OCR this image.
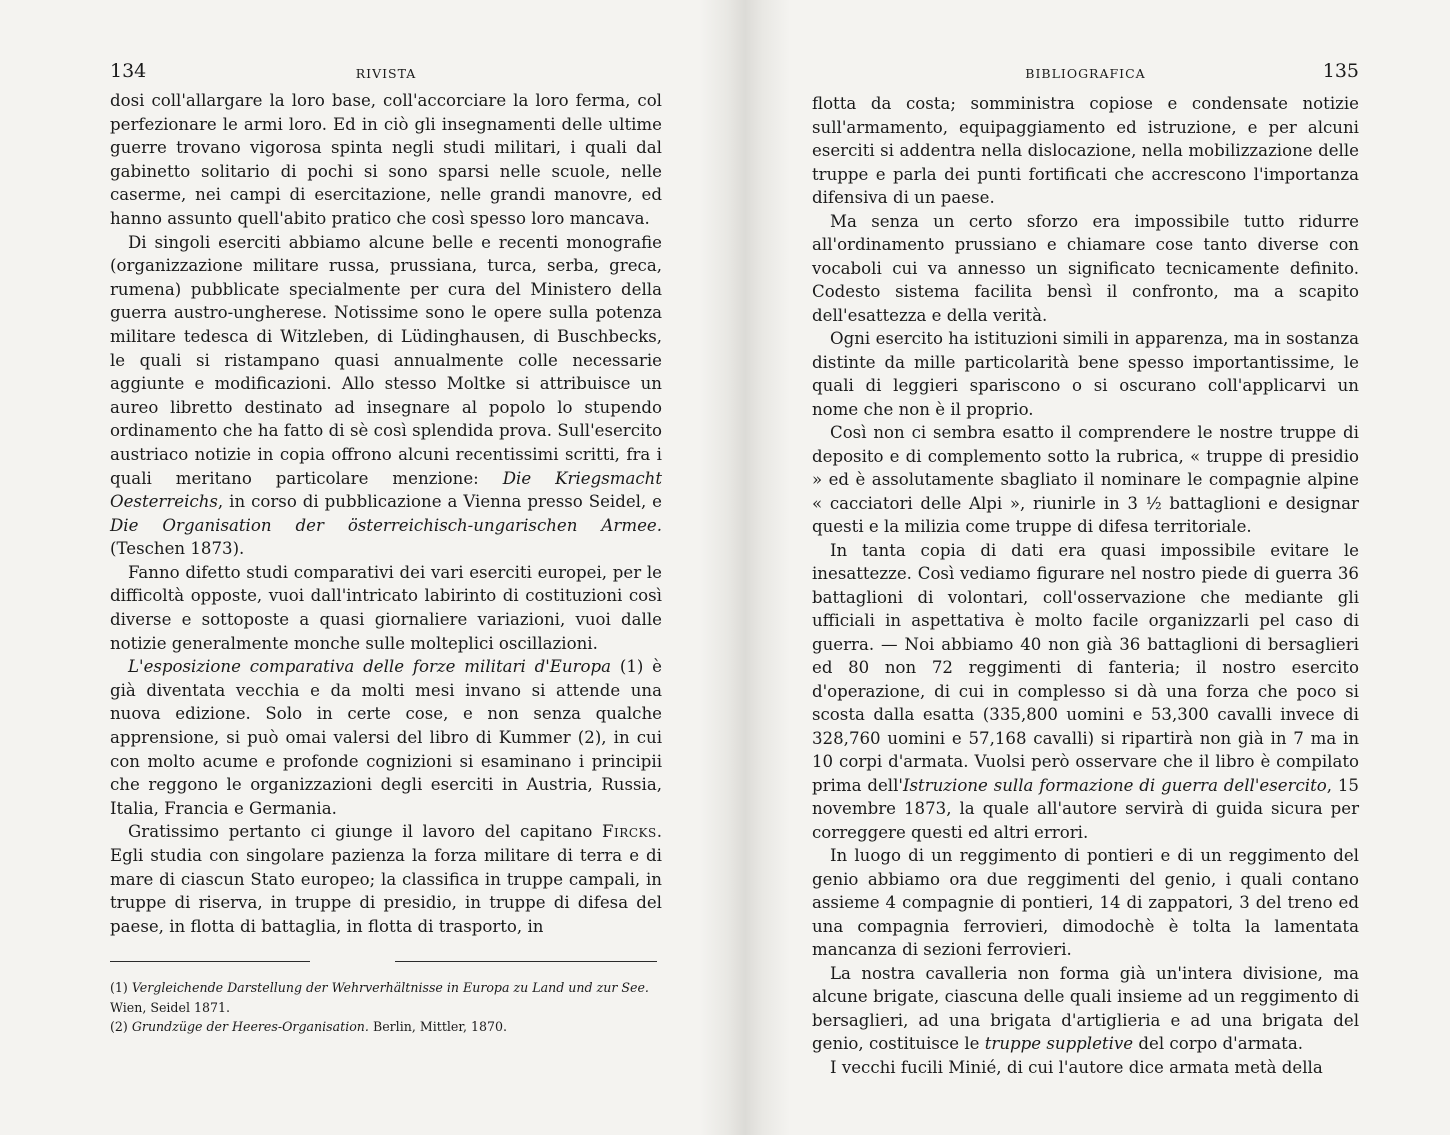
134	RIVISTA

dosi coll'allargare la loro base, coll'accorciare la loro ferma, col perfezionare le armi loro. Ed in ciò gli insegnamenti delle ultime guerre trovano vigorosa spinta negli studi militari, i quali dal gabinetto solitario di pochi si sono sparsi nelle scuole, nelle caserme, nei campi di esercitazione, nelle grandi manovre, ed hanno assunto quell'abito pratico che così spesso loro mancava.

Di singoli eserciti abbiamo alcune belle e recenti monografie (organizzazione militare russa, prussiana, turca, serba, greca, rumena) pubblicate specialmente per cura del Ministero della guerra austro-ungherese. Notissime sono le opere sulla potenza militare tedesca di Witzleben, di Lüdinghausen, di Buschbecks, le quali si ristampano quasi annualmente colle necessarie aggiunte e modificazioni. Allo stesso Moltke si attribuisce un aureo libretto destinato ad insegnare al popolo lo stupendo ordinamento che ha fatto di sè così splendida prova. Sull'esercito austriaco notizie in copia offrono alcuni recentissimi scritti, fra i quali meritano particolare menzione: Die Kriegsmacht Oesterreichs, in corso di pubblicazione a Vienna presso Seidel, e Die Organisation der österreichisch-ungarischen Armee. (Teschen 1873).

Fanno difetto studi comparativi dei vari eserciti europei, per le difficoltà opposte, vuoi dall'intricato labirinto di costituzioni così diverse e sottoposte a quasi giornaliere variazioni, vuoi dalle notizie generalmente monche sulle molteplici oscillazioni.

L'esposizione comparativa delle forze militari d'Europa (1) è già diventata vecchia e da molti mesi invano si attende una nuova edizione. Solo in certe cose, e non senza qualche apprensione, si può omai valersi del libro di Kummer (2), in cui con molto acume e profonde cognizioni si esaminano i principii che reggono le organizzazioni degli eserciti in Austria, Russia, Italia, Francia e Germania.

Gratissimo pertanto ci giunge il lavoro del capitano Fircks. Egli studia con singolare pazienza la forza militare di terra e di mare di ciascun Stato europeo; la classifica in truppe campali, in truppe di riserva, in truppe di presidio, in truppe di difesa del paese, in flotta di battaglia, in flotta di trasporto, in

(1) Vergleichende Darstellung der Wehrverhältnisse in Europa zu Land und zur See. Wien, Seidel 1871.

(2) Grundzüge der Heeres-Organisation. Berlin, Mittler, 1870.

BIBLIOGRAFICA	135

flotta da costa; somministra copiose e condensate notizie sull'armamento, equipaggiamento ed istruzione, e per alcuni eserciti si addentra nella dislocazione, nella mobilizzazione delle truppe e parla dei punti fortificati che accrescono l'importanza difensiva di un paese.

Ma senza un certo sforzo era impossibile tutto ridurre all'ordinamento prussiano e chiamare cose tanto diverse con vocaboli cui va annesso un significato tecnicamente definito. Codesto sistema facilita bensì il confronto, ma a scapito dell'esattezza e della verità.

Ogni esercito ha istituzioni simili in apparenza, ma in sostanza distinte da mille particolarità bene spesso importantissime, le quali di leggieri spariscono o si oscurano coll'applicarvi un nome che non è il proprio.

Così non ci sembra esatto il comprendere le nostre truppe di deposito e di complemento sotto la rubrica, « truppe di presidio » ed è assolutamente sbagliato il nominare le compagnie alpine « cacciatori delle Alpi », riunirle in 3 ½ battaglioni e designar questi e la milizia come truppe di difesa territoriale.

In tanta copia di dati era quasi impossibile evitare le inesattezze. Così vediamo figurare nel nostro piede di guerra 36 battaglioni di volontari, coll'osservazione che mediante gli ufficiali in aspettativa è molto facile organizzarli pel caso di guerra. — Noi abbiamo 40 non già 36 battaglioni di bersaglieri ed 80 non 72 reggimenti di fanteria; il nostro esercito d'operazione, di cui in complesso si dà una forza che poco si scosta dalla esatta (335,800 uomini e 53,300 cavalli invece di 328,760 uomini e 57,168 cavalli) si ripartirà non già in 7 ma in 10 corpi d'armata. Vuolsi però osservare che il libro è compilato prima dell'Istruzione sulla formazione di guerra dell'esercito, 15 novembre 1873, la quale all'autore servirà di guida sicura per correggere questi ed altri errori.

In luogo di un reggimento di pontieri e di un reggimento del genio abbiamo ora due reggimenti del genio, i quali contano assieme 4 compagnie di pontieri, 14 di zappatori, 3 del treno ed una compagnia ferrovieri, dimodochè è tolta la lamentata mancanza di sezioni ferrovieri.

La nostra cavalleria non forma già un'intera divisione, ma alcune brigate, ciascuna delle quali insieme ad un reggimento di bersaglieri, ad una brigata d'artiglieria e ad una brigata del genio, costituisce le truppe suppletive del corpo d'armata.

I vecchi fucili Minié, di cui l'autore dice armata metà della
